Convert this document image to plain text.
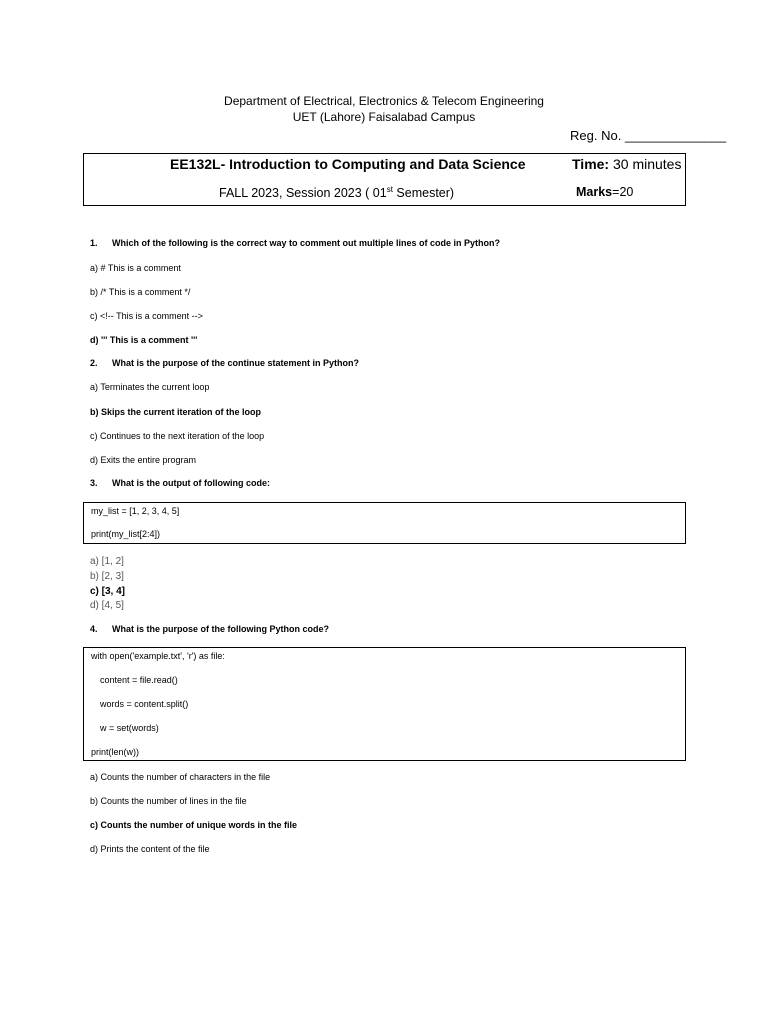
Department of Electrical, Electronics & Telecom Engineering
UET (Lahore) Faisalabad Campus
Reg. No. ______________
EE132L- Introduction to Computing and Data Science	Time: 30 minutes
FALL 2023, Session 2023 ( 01st Semester)	Marks=20
1. Which of the following is the correct way to comment out multiple lines of code in Python?
a) # This is a comment
b) /* This is a comment */
c) <!-- This is a comment -->
d) ''' This is a comment '''
2. What is the purpose of the continue statement in Python?
a) Terminates the current loop
b) Skips the current iteration of the loop
c) Continues to the next iteration of the loop
d) Exits the entire program
3. What is the output of following code:
my_list = [1, 2, 3, 4, 5]
print(my_list[2:4])
a) [1, 2]
b) [2, 3]
c) [3, 4]
d) [4, 5]
4. What is the purpose of the following Python code?
with open('example.txt', 'r') as file:
content = file.read()
words = content.split()
w = set(words)
print(len(w))
a) Counts the number of characters in the file
b) Counts the number of lines in the file
c) Counts the number of unique words in the file
d) Prints the content of the file
